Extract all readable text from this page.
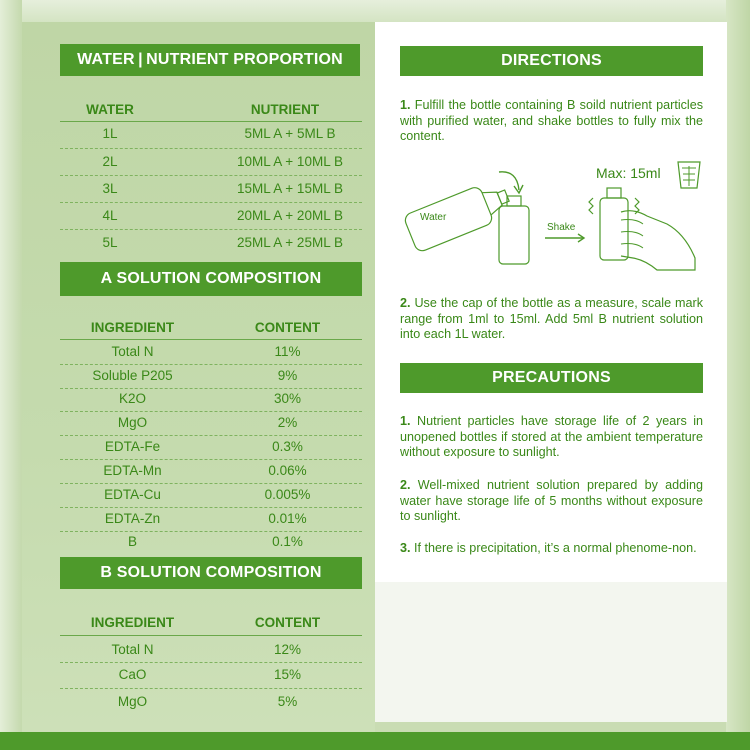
WATER | NUTRIENT PROPORTION
WATER	NUTRIENT
1L	5ML A + 5ML B
2L	10ML A + 10ML B
3L	15ML A + 15ML B
4L	20ML A + 20ML B
5L	25ML A + 25ML B
A SOLUTION COMPOSITION
INGREDIENT	CONTENT
Total N	11%
Soluble P205	9%
K2O	30%
MgO	2%
EDTA-Fe	0.3%
EDTA-Mn	0.06%
EDTA-Cu	0.005%
EDTA-Zn	0.01%
B	0.1%
B SOLUTION COMPOSITION
INGREDIENT	CONTENT
Total N	12%
CaO	15%
MgO	5%
DIRECTIONS
1. Fulfill the bottle containing B soild nutrient particles with purified water, and shake bottles to fully mix the content.
Water
Shake
Max: 15ml
2. Use the cap of the bottle as a measure, scale mark range from 1ml to 15ml. Add 5ml B nutrient solution into each 1L water.
PRECAUTIONS
1. Nutrient particles have storage life of 2 years in unopened bottles if stored at the ambient temperature without exposure to sunlight.
2. Well-mixed nutrient solution prepared by adding water have storage life of 5 months without exposure to sunlight.
3. If there is precipitation, it’s a normal phenome-non.
